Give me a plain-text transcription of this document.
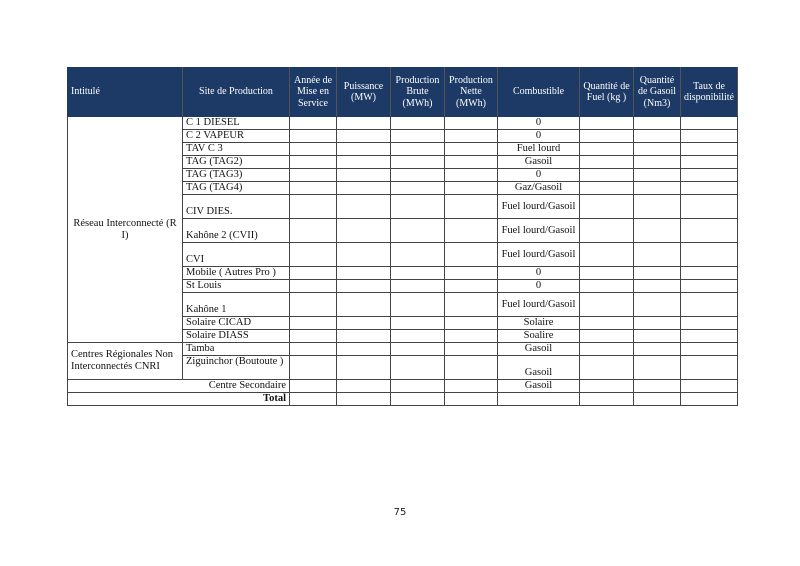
Intitulé	Site de Production	Année de Mise en Service	Puissance (MW)	Production Brute (MWh)	Production Nette (MWh)	Combustible	Quantité de Fuel (kg )	Quantité de Gasoil (Nm3)	Taux de disponibilité
Réseau Interconnecté (R I)	C 1 DIESEL					0			
	C 2 VAPEUR					0			
	TAV C 3					Fuel lourd			
	TAG (TAG2)					Gasoil			
	TAG (TAG3)					0			
	TAG (TAG4)					Gaz/Gasoil			
	CIV DIES.					Fuel lourd/Gasoil			
	Kahône 2 (CVII)					Fuel lourd/Gasoil			
	CVI					Fuel lourd/Gasoil			
	Mobile ( Autres Pro )					0			
	St Louis					0			
	Kahône 1					Fuel lourd/Gasoil			
	Solaire CICAD					Solaire			
	Solaire DIASS					Soalire			
Centres Régionales Non Interconnectés CNRI	Tamba					Gasoil			
	Ziguinchor (Boutoute )					Gasoil			
Centre Secondaire						Gasoil			
Total									
75
